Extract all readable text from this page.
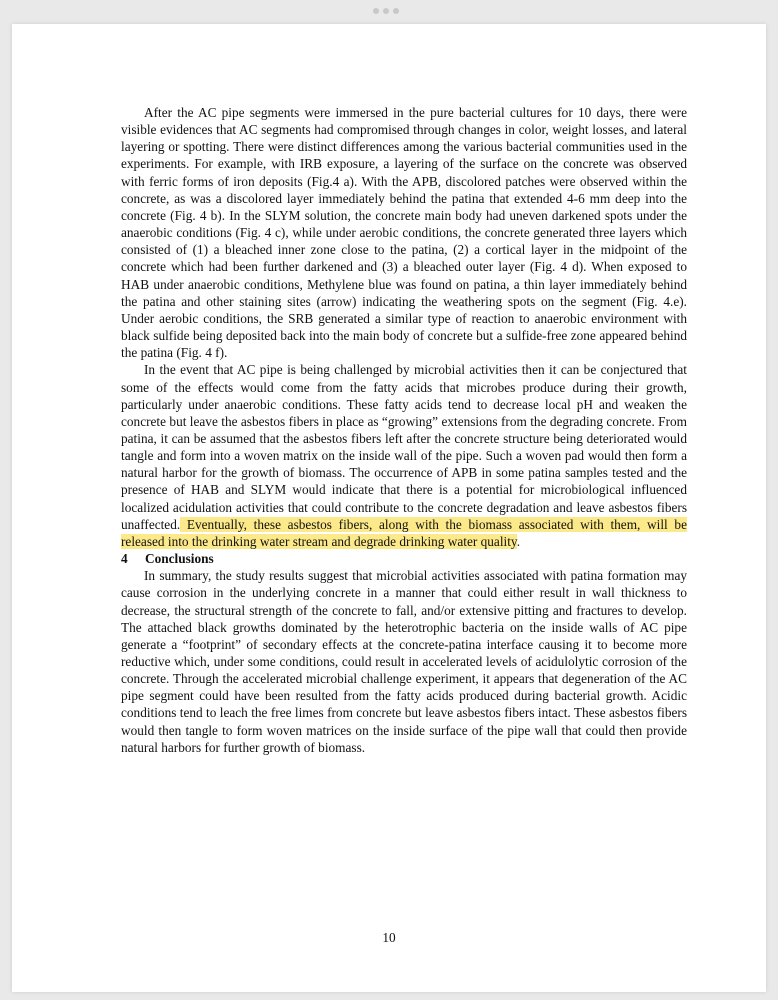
After the AC pipe segments were immersed in the pure bacterial cultures for 10 days, there were visible evidences that AC segments had compromised through changes in color, weight losses, and lateral layering or spotting. There were distinct differences among the various bacterial communities used in the experiments. For example, with IRB exposure, a layering of the surface on the concrete was observed with ferric forms of iron deposits (Fig.4 a). With the APB, discolored patches were observed within the concrete, as was a discolored layer immediately behind the patina that extended 4-6 mm deep into the concrete (Fig. 4 b). In the SLYM solution, the concrete main body had uneven darkened spots under the anaerobic conditions (Fig. 4 c), while under aerobic conditions, the concrete generated three layers which consisted of (1) a bleached inner zone close to the patina, (2) a cortical layer in the midpoint of the concrete which had been further darkened and (3) a bleached outer layer (Fig. 4 d). When exposed to HAB under anaerobic conditions, Methylene blue was found on patina, a thin layer immediately behind the patina and other staining sites (arrow) indicating the weathering spots on the segment (Fig. 4.e). Under aerobic conditions, the SRB generated a similar type of reaction to anaerobic environment with black sulfide being deposited back into the main body of concrete but a sulfide-free zone appeared behind the patina (Fig. 4 f).

In the event that AC pipe is being challenged by microbial activities then it can be conjectured that some of the effects would come from the fatty acids that microbes produce during their growth, particularly under anaerobic conditions. These fatty acids tend to decrease local pH and weaken the concrete but leave the asbestos fibers in place as “growing” extensions from the degrading concrete. From patina, it can be assumed that the asbestos fibers left after the concrete structure being deteriorated would tangle and form into a woven matrix on the inside wall of the pipe. Such a woven pad would then form a natural harbor for the growth of biomass. The occurrence of APB in some patina samples tested and the presence of HAB and SLYM would indicate that there is a potential for microbiological influenced localized acidulation activities that could contribute to the concrete degradation and leave asbestos fibers unaffected. Eventually, these asbestos fibers, along with the biomass associated with them, will be released into the drinking water stream and degrade drinking water quality.

4 Conclusions

In summary, the study results suggest that microbial activities associated with patina formation may cause corrosion in the underlying concrete in a manner that could either result in wall thickness to decrease, the structural strength of the concrete to fall, and/or extensive pitting and fractures to develop. The attached black growths dominated by the heterotrophic bacteria on the inside walls of AC pipe generate a “footprint” of secondary effects at the concrete-patina interface causing it to become more reductive which, under some conditions, could result in accelerated levels of acidulolytic corrosion of the concrete. Through the accelerated microbial challenge experiment, it appears that degeneration of the AC pipe segment could have been resulted from the fatty acids produced during bacterial growth. Acidic conditions tend to leach the free limes from concrete but leave asbestos fibers intact. These asbestos fibers would then tangle to form woven matrices on the inside surface of the pipe wall that could then provide natural harbors for further growth of biomass.

10
